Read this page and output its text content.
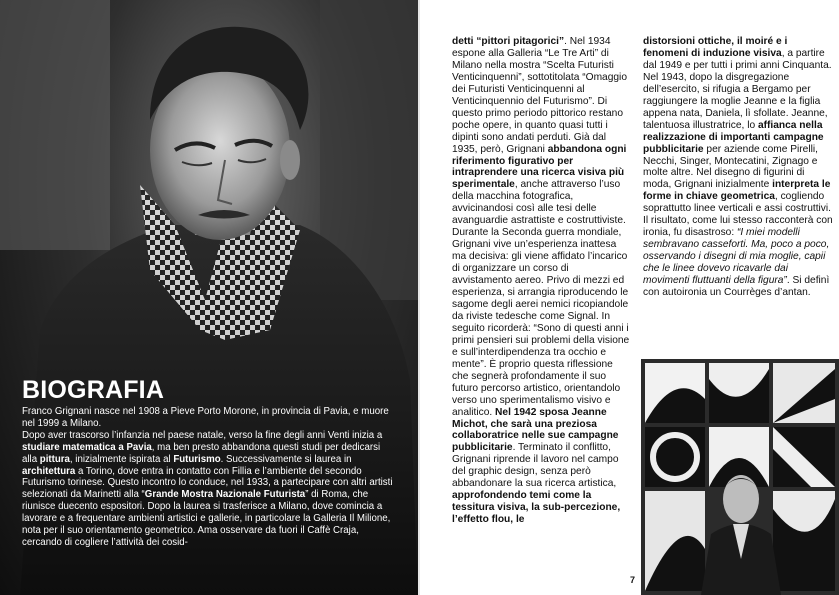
BIOGRAFIA

Franco Grignani nasce nel 1908 a Pieve Porto Morone, in provincia di Pavia, e muore nel 1999 a Milano.

Dopo aver trascorso l’infanzia nel paese natale, verso la fine degli anni Venti inizia a studiare matematica a Pavia, ma ben presto abbandona questi studi per dedicarsi alla pittura, inizialmente ispirata al Futurismo. Successivamente si laurea in architettura a Torino, dove entra in contatto con Fillia e l’ambiente del secondo Futurismo torinese. Questo incontro lo conduce, nel 1933, a partecipare con altri artisti selezionati da Marinetti alla “Grande Mostra Nazionale Futurista” di Roma, che riunisce duecento espositori. Dopo la laurea si trasferisce a Milano, dove comincia a lavorare e a frequentare ambienti artistici e gallerie, in particolare la Galleria Il Milione, nota per il suo orientamento geometrico. Ama osservare da fuori il Caffè Craja, cercando di cogliere l’attività dei cosid-

detti “pittori pitagorici”. Nel 1934 espone alla Galleria “Le Tre Arti” di Milano nella mostra “Scelta Futuristi Venticinquenni”, sottotitolata “Omaggio dei Futuristi Venticinquenni al Venticinquennio del Futurismo”. Di questo primo periodo pittorico restano poche opere, in quanto quasi tutti i dipinti sono andati perduti. Già dal 1935, però, Grignani abbandona ogni riferimento figurativo per intraprendere una ricerca visiva più sperimentale, anche attraverso l’uso della macchina fotografica, avvicinandosi così alle tesi delle avanguardie astrattiste e costruttiviste. Durante la Seconda guerra mondiale, Grignani vive un’esperienza inattesa ma decisiva: gli viene affidato l’incarico di organizzare un corso di avvistamento aereo. Privo di mezzi ed esperienza, si arrangia riproducendo le sagome degli aerei nemici ricopiandole da riviste tedesche come Signal. In seguito ricorderà: “Sono di questi anni i primi pensieri sui problemi della visione e sull’interdipendenza tra occhio e mente”. È proprio questa riflessione che segnerà profondamente il suo futuro percorso artistico, orientandolo verso uno sperimentalismo visivo e analitico. Nel 1942 sposa Jeanne Michot, che sarà una preziosa collaboratrice nelle sue campagne pubblicitarie. Terminato il conflitto, Grignani riprende il lavoro nel campo del graphic design, senza però abbandonare la sua ricerca artistica, approfondendo temi come la tessitura visiva, la sub-percezione, l’effetto flou, le

distorsioni ottiche, il moiré e i fenomeni di induzione visiva, a partire dal 1949 e per tutti i primi anni Cinquanta. Nel 1943, dopo la disgregazione dell’esercito, si rifugia a Bergamo per raggiungere la moglie Jeanne e la figlia appena nata, Daniela, lì sfollate. Jeanne, talentuosa illustratrice, lo affianca nella realizzazione di importanti campagne pubblicitarie per aziende come Pirelli, Necchi, Singer, Montecatini, Zignago e molte altre. Nel disegno di figurini di moda, Grignani inizialmente interpreta le forme in chiave geometrica, cogliendo soprattutto linee verticali e assi costruttivi. Il risultato, come lui stesso racconterà con ironia, fu disastroso: “I miei modelli sembravano casseforti. Ma, poco a poco, osservando i disegni di mia moglie, capii che le linee dovevo ricavarle dai movimenti fluttuanti della figura”. Si definì con autoironia un Courrèges d’antan.

7
